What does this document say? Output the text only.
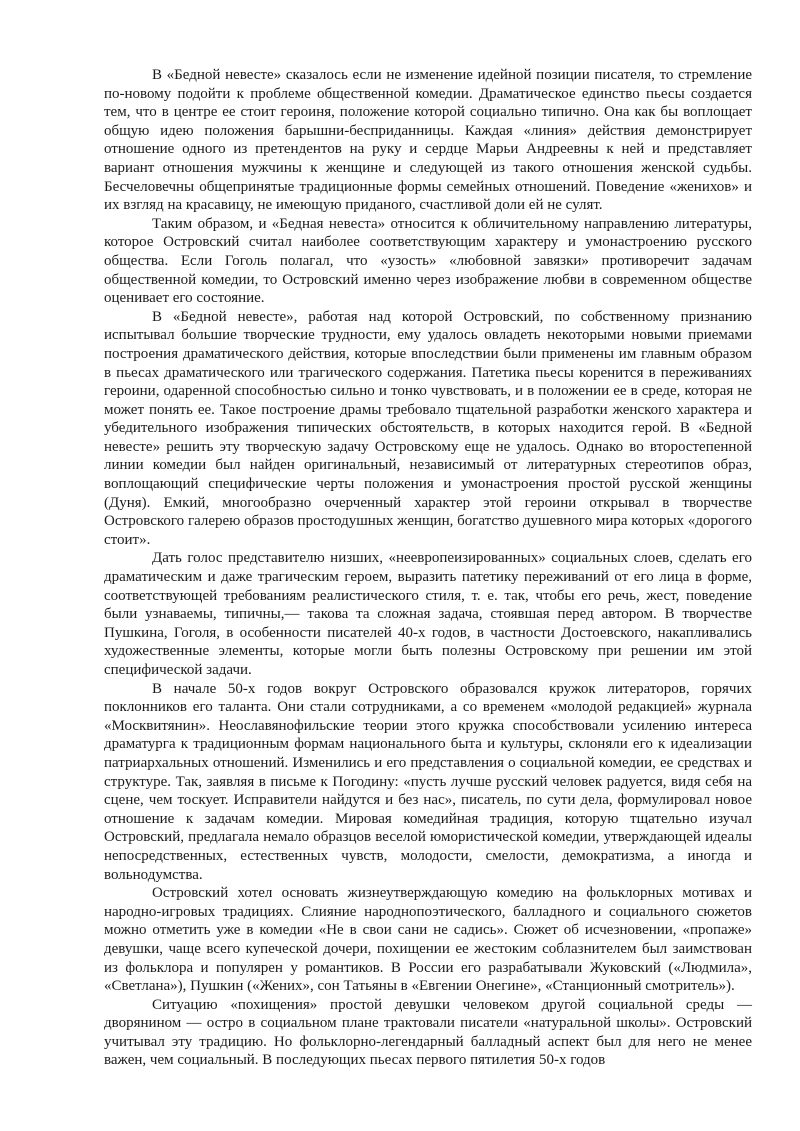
В «Бедной невесте» сказалось если не изменение идейной позиции писателя, то стремление по-новому подойти к проблеме общественной комедии. Драматическое единство пьесы создается тем, что в центре ее стоит героиня, положение которой социально типично. Она как бы воплощает общую идею положения барышни-бесприданницы. Каждая «линия» действия демонстрирует отношение одного из претендентов на руку и сердце Марьи Андреевны к ней и представляет вариант отношения мужчины к женщине и следующей из такого отношения женской судьбы. Бесчеловечны общепринятые традиционные формы семейных отношений. Поведение «женихов» и их взгляд на красавицу, не имеющую приданого, счастливой доли ей не сулят.

Таким образом, и «Бедная невеста» относится к обличительному направлению литературы, которое Островский считал наиболее соответствующим характеру и умонастроению русского общества. Если Гоголь полагал, что «узость» «любовной завязки» противоречит задачам общественной комедии, то Островский именно через изображение любви в современном обществе оценивает его состояние.

В «Бедной невесте», работая над которой Островский, по собственному признанию испытывал большие творческие трудности, ему удалось овладеть некоторыми новыми приемами построения драматического действия, которые впоследствии были применены им главным образом в пьесах драматического или трагического содержания. Патетика пьесы коренится в переживаниях героини, одаренной способностью сильно и тонко чувствовать, и в положении ее в среде, которая не может понять ее. Такое построение драмы требовало тщательной разработки женского характера и убедительного изображения типических обстоятельств, в которых находится герой. В «Бедной невесте» решить эту творческую задачу Островскому еще не удалось. Однако во второстепенной линии комедии был найден оригинальный, независимый от литературных стереотипов образ, воплощающий специфические черты положения и умонастроения простой русской женщины (Дуня). Емкий, многообразно очерченный характер этой героини открывал в творчестве Островского галерею образов простодушных женщин, богатство душевного мира которых «дорогого стоит».

Дать голос представителю низших, «неевропеизированных» социальных слоев, сделать его драматическим и даже трагическим героем, выразить патетику переживаний от его лица в форме, соответствующей требованиям реалистического стиля, т. е. так, чтобы его речь, жест, поведение были узнаваемы, типичны,— такова та сложная задача, стоявшая перед автором. В творчестве Пушкина, Гоголя, в особенности писателей 40-х годов, в частности Достоевского, накапливались художественные элементы, которые могли быть полезны Островскому при решении им этой специфической задачи.

В начале 50-х годов вокруг Островского образовался кружок литераторов, горячих поклонников его таланта. Они стали сотрудниками, а со временем «молодой редакцией» журнала «Москвитянин». Неославянофильские теории этого кружка способствовали усилению интереса драматурга к традиционным формам национального быта и культуры, склоняли его к идеализации патриархальных отношений. Изменились и его представления о социальной комедии, ее средствах и структуре. Так, заявляя в письме к Погодину: «пусть лучше русский человек радуется, видя себя на сцене, чем тоскует. Исправители найдутся и без нас», писатель, по сути дела, формулировал новое отношение к задачам комедии. Мировая комедийная традиция, которую тщательно изучал Островский, предлагала немало образцов веселой юмористической комедии, утверждающей идеалы непосредственных, естественных чувств, молодости, смелости, демократизма, а иногда и вольнодумства.

Островский хотел основать жизнеутверждающую комедию на фольклорных мотивах и народно-игровых традициях. Слияние народнопоэтического, балладного и социального сюжетов можно отметить уже в комедии «Не в свои сани не садись». Сюжет об исчезновении, «пропаже» девушки, чаще всего купеческой дочери, похищении ее жестоким соблазнителем был заимствован из фольклора и популярен у романтиков. В России его разрабатывали Жуковский («Людмила», «Светлана»), Пушкин («Жених», сон Татьяны в «Евгении Онегине», «Станционный смотритель»).

Ситуацию «похищения» простой девушки человеком другой социальной среды — дворянином — остро в социальном плане трактовали писатели «натуральной школы». Островский учитывал эту традицию. Но фольклорно-легендарный балладный аспект был для него не менее важен, чем социальный. В последующих пьесах первого пятилетия 50-х годов
